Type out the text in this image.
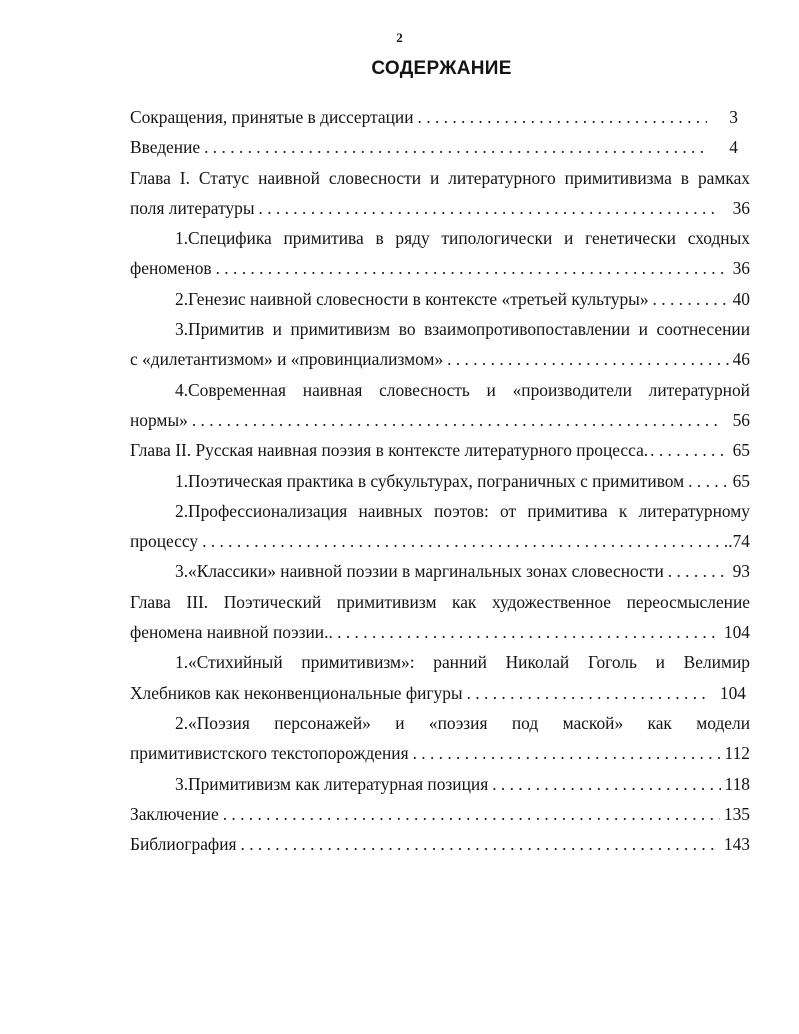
2
СОДЕРЖАНИЕ
Сокращения, принятые в диссертации . . .	3
Введение . . .	4
Глава I. Статус наивной словесности и литературного примитивизма в рамках
поля литературы . . .	36
1.Специфика примитива в ряду типологически и генетически сходных
феноменов . . .	36
2.Генезис наивной словесности в контексте «третьей культуры» . . .	40
3.Примитив и примитивизм во взаимопротивопоставлении и соотнесении
с «дилетантизмом» и «провинциализмом» . . .	46
4.Современная наивная словесность и «производители литературной
нормы» . . .	56
Глава II. Русская наивная поэзия в контексте литературного процесса. . . .	65
1.Поэтическая практика в субкультурах, пограничных с примитивом . . .	65
2.Профессионализация наивных поэтов: от примитива к литературному
процессу . . .	.74
3.«Классики» наивной поэзии в маргинальных зонах словесности . . .	93
Глава III. Поэтический примитивизм как художественное переосмысление
феномена наивной поэзии. . . .	104
1.«Стихийный примитивизм»: ранний Николай Гоголь и Велимир
Хлебников как неконвенциональные фигуры . . .	104
2.«Поэзия персонажей» и «поэзия под маской» как модели
примитивистского текстопорождения . . .	112
3.Примитивизм как литературная позиция . . .	118
Заключение . . .	135
Библиография . . .	143
